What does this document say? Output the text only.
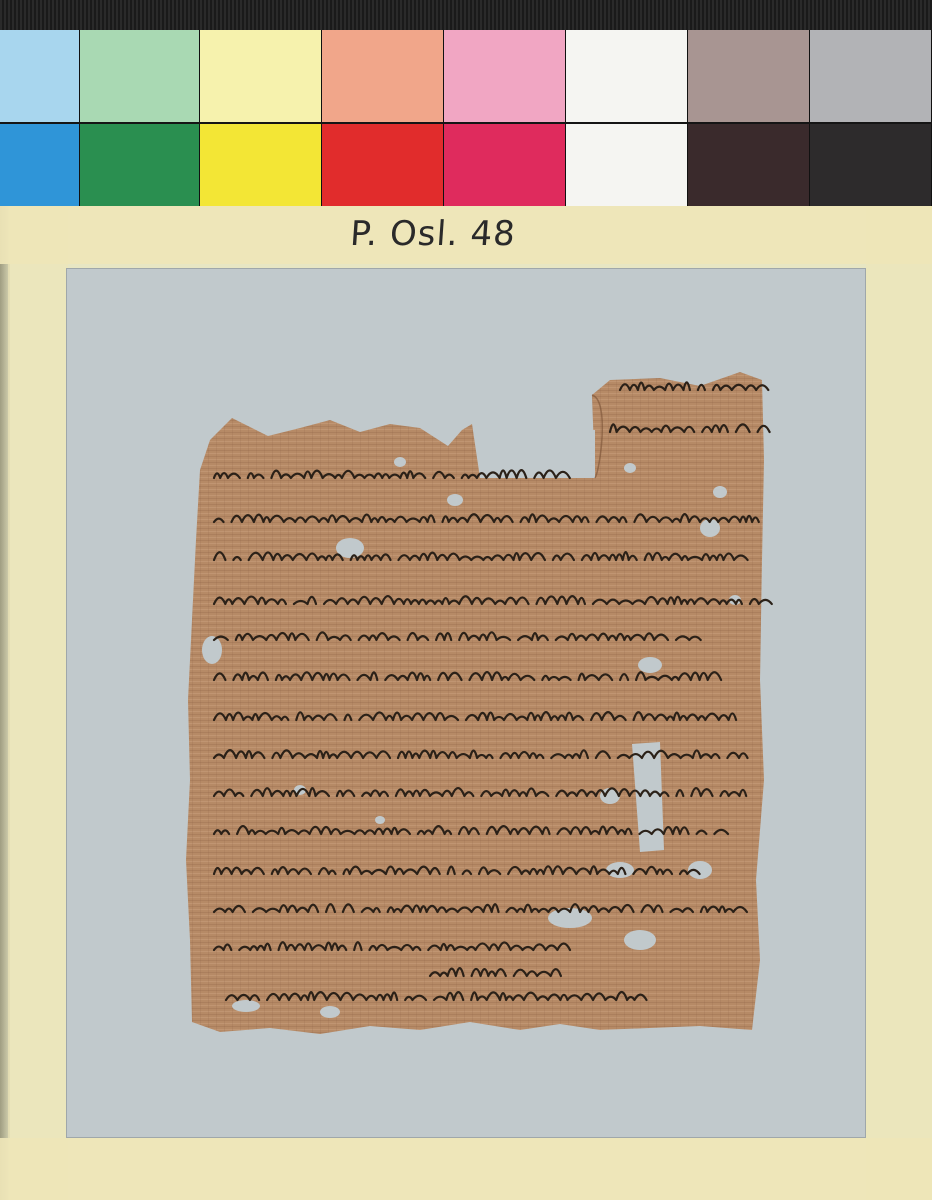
P. Osl. 48
